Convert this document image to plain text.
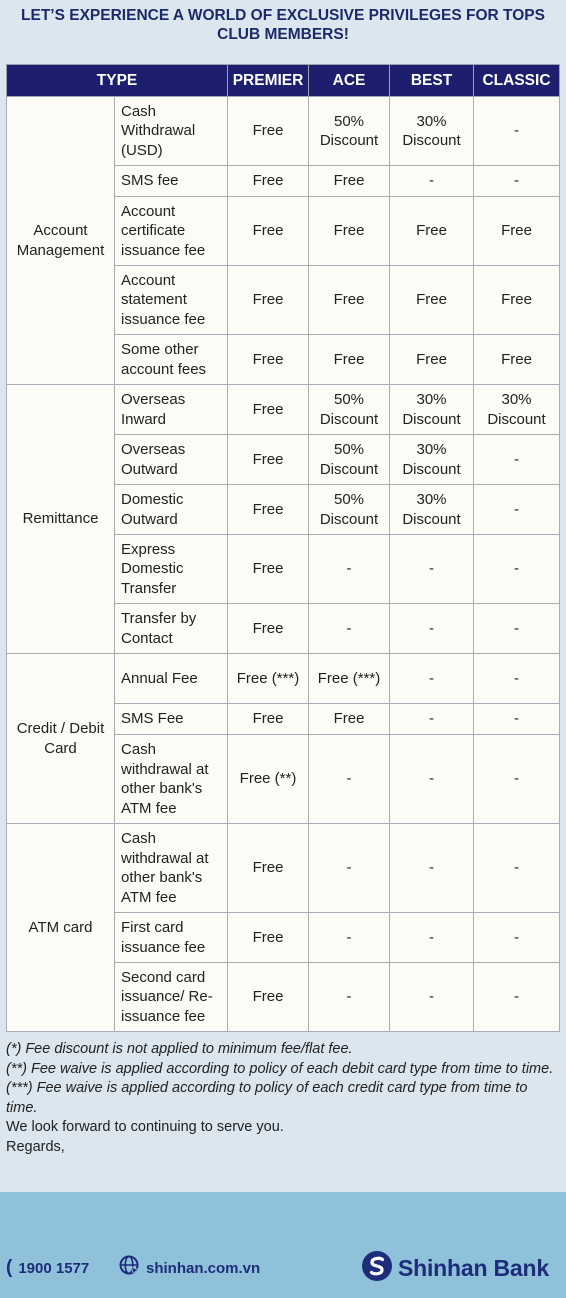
LET’S EXPERIENCE A WORLD OF EXCLUSIVE PRIVILEGES FOR TOPS CLUB MEMBERS!
TYPE		PREMIER	ACE	BEST	CLASSIC
Account Management	Cash Withdrawal (USD)	Free	50% Discount	30% Discount	-
	SMS fee	Free	Free	-	-
	Account certificate issuance fee	Free	Free	Free	Free
	Account statement issuance fee	Free	Free	Free	Free
	Some other account fees	Free	Free	Free	Free
Remittance	Overseas Inward	Free	50% Discount	30% Discount	30% Discount
	Overseas Outward	Free	50% Discount	30% Discount	-
	Domestic Outward	Free	50% Discount	30% Discount	-
	Express Domestic Transfer	Free	-	-	-
	Transfer by Contact	Free	-	-	-
Credit / Debit Card	Annual Fee	Free (***)	Free (***)	-	-
	SMS Fee	Free	Free	-	-
	Cash withdrawal at other bank's ATM fee	Free (**)	-	-	-
ATM card	Cash withdrawal at other bank's ATM fee	Free	-	-	-
	First card issuance fee	Free	-	-	-
	Second card issuance/ Re-issuance fee	Free	-	-	-
(*) Fee discount is not applied to minimum fee/flat fee.
(**) Fee waive is applied according to policy of each debit card type from time to time.
(***) Fee waive is applied according to policy of each credit card type from time to time.
We look forward to continuing to serve you.
Regards,
( 1900 1577	shinhan.com.vn	Shinhan Bank
